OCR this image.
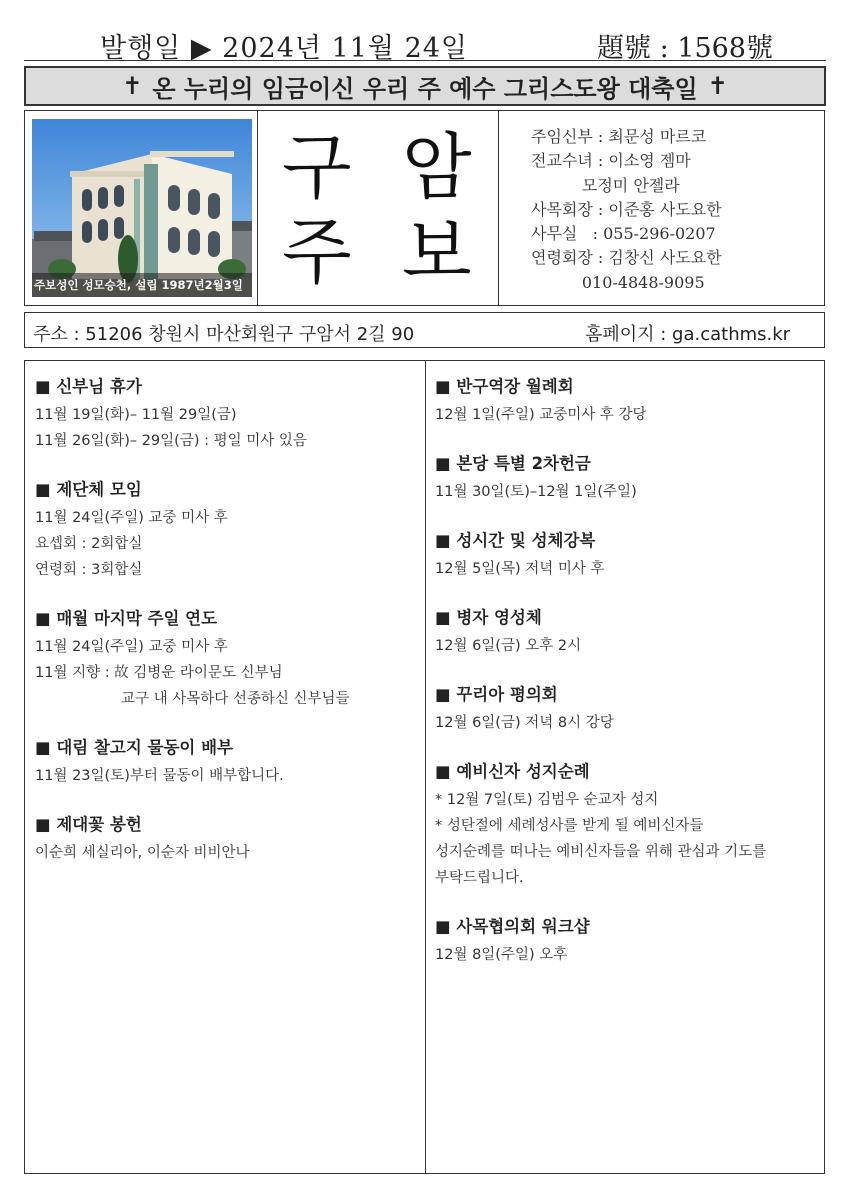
발행일 ▶ 2024년 11월 24일	題號 : 1568號
✝ 온 누리의 임금이신 우리 주 예수 그리스도왕 대축일 ✝
주보성인 성모승천, 설립 1987년2월3일
구 암
주 보
주임신부 : 최문성 마르코
전교수녀 : 이소영 젬마
모정미 안젤라
사목회장 : 이준홍 사도요한
사무실   : 055-296-0207
연령회장 : 김창신 사도요한
010-4848-9095
주소 : 51206 창원시 마산회원구 구암서 2길 90	홈페이지 : ga.cathms.kr
■ 신부님 휴가
11월 19일(화)– 11월 29일(금)
11월 26일(화)– 29일(금) : 평일 미사 있음
■ 제단체 모임
11월 24일(주일) 교중 미사 후
요셉회 : 2회합실
연령회 : 3회합실
■ 매월 마지막 주일 연도
11월 24일(주일) 교중 미사 후
11월 지향 : 故 김병운 라이문도 신부님
교구 내 사목하다 선종하신 신부님들
■ 대림 찰고지 물동이 배부
11월 23일(토)부터 물동이 배부합니다.
■ 제대꽃 봉헌
이순희 세실리아, 이순자 비비안나
■ 반구역장 월례회
12월 1일(주일) 교중미사 후 강당
■ 본당 특별 2차헌금
11월 30일(토)–12월 1일(주일)
■ 성시간 및 성체강복
12월 5일(목) 저녁 미사 후
■ 병자 영성체
12월 6일(금) 오후 2시
■ 꾸리아 평의회
12월 6일(금) 저녁 8시 강당
■ 예비신자 성지순례
* 12월 7일(토) 김범우 순교자 성지
* 성탄절에 세례성사를 받게 될 예비신자들
성지순례를 떠나는 예비신자들을 위해 관심과 기도를
부탁드립니다.
■ 사목협의회 워크샵
12월 8일(주일) 오후
